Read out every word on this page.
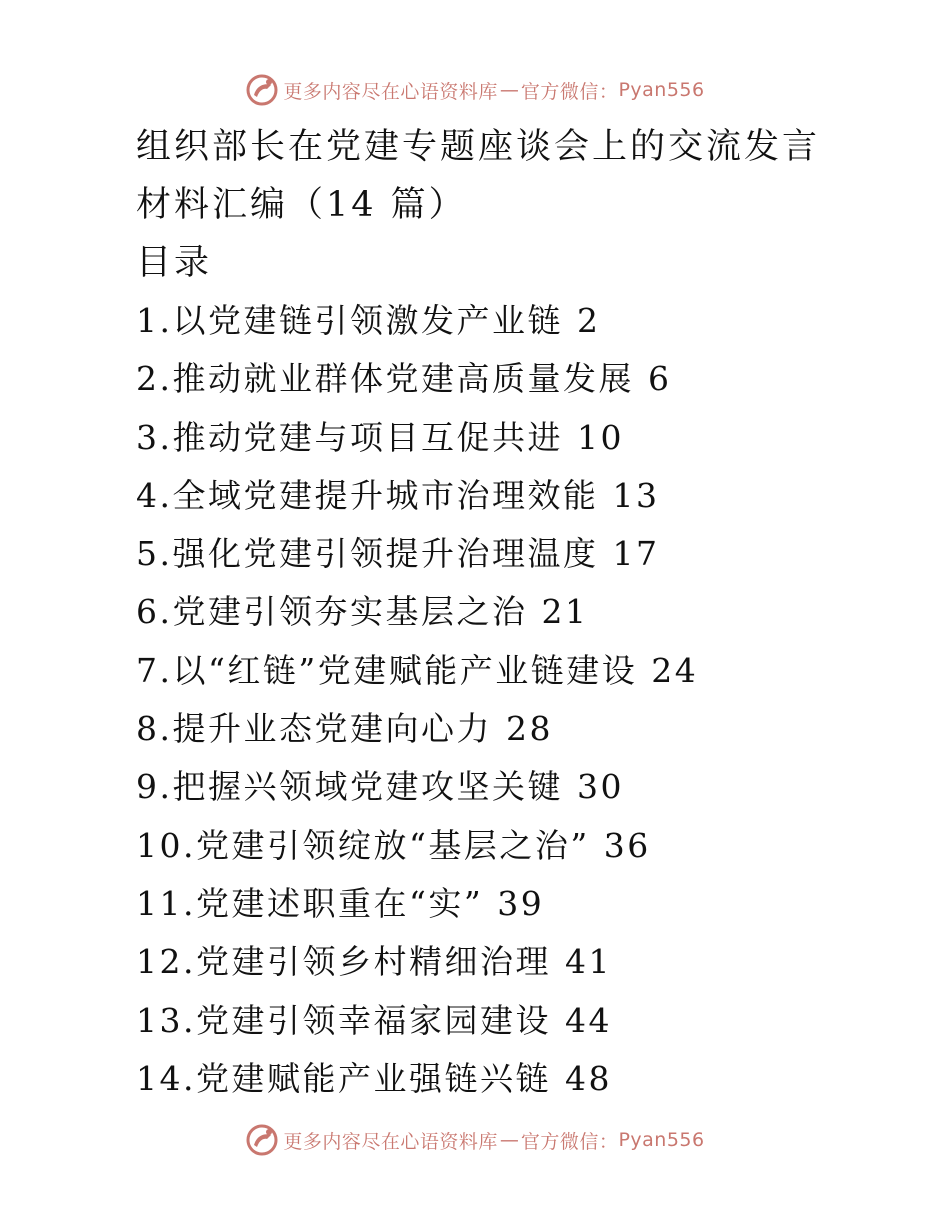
更多内容尽在心语资料库 — 官方微信： Pyan556
组织部长在党建专题座谈会上的交流发言
材料汇编（14 篇）
目录
1.以党建链引领激发产业链 2
2.推动就业群体党建高质量发展 6
3.推动党建与项目互促共进 10
4.全域党建提升城市治理效能 13
5.强化党建引领提升治理温度 17
6.党建引领夯实基层之治 21
7.以“红链”党建赋能产业链建设 24
8.提升业态党建向心力 28
9.把握兴领域党建攻坚关键 30
10.党建引领绽放“基层之治” 36
11.党建述职重在“实” 39
12.党建引领乡村精细治理 41
13.党建引领幸福家园建设 44
14.党建赋能产业强链兴链 48
更多内容尽在心语资料库 — 官方微信： Pyan556
